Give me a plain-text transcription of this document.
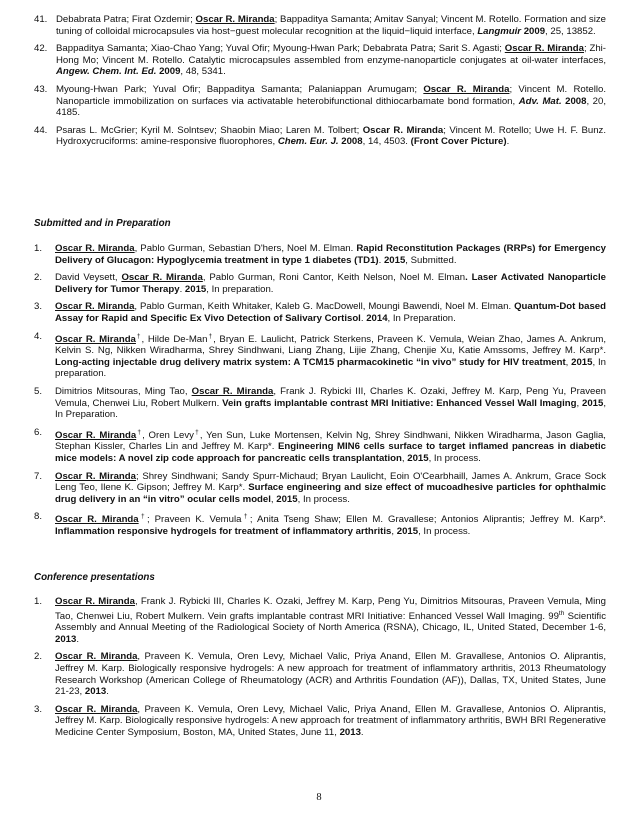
41. Debabrata Patra; Firat Ozdemir; Oscar R. Miranda; Bappaditya Samanta; Amitav Sanyal; Vincent M. Rotello. Formation and size tuning of colloidal microcapsules via host−guest molecular recognition at the liquid−liquid interface, Langmuir 2009, 25, 13852.
42. Bappaditya Samanta; Xiao-Chao Yang; Yuval Ofir; Myoung-Hwan Park; Debabrata Patra; Sarit S. Agasti; Oscar R. Miranda; Zhi-Hong Mo; Vincent M. Rotello. Catalytic microcapsules assembled from enzyme-nanoparticle conjugates at oil-water interfaces, Angew. Chem. Int. Ed. 2009, 48, 5341.
43. Myoung-Hwan Park; Yuval Ofir; Bappaditya Samanta; Palaniappan Arumugam; Oscar R. Miranda; Vincent M. Rotello. Nanoparticle immobilization on surfaces via activatable heterobifunctional dithiocarbamate bond formation, Adv. Mat. 2008, 20, 4185.
44. Psaras L. McGrier; Kyril M. Solntsev; Shaobin Miao; Laren M. Tolbert; Oscar R. Miranda; Vincent M. Rotello; Uwe H. F. Bunz. Hydroxycruciforms: amine-responsive fluorophores, Chem. Eur. J. 2008, 14, 4503. (Front Cover Picture).
Submitted and in Preparation
1.	Oscar R. Miranda, Pablo Gurman, Sebastian D'hers, Noel M. Elman. Rapid Reconstitution Packages (RRPs) for Emergency Delivery of Glucagon: Hypoglycemia treatment in type 1 diabetes (TD1). 2015, Submitted.
2.	David Veysett, Oscar R. Miranda, Pablo Gurman, Roni Cantor, Keith Nelson, Noel M. Elman. Laser Activated Nanoparticle Delivery for Tumor Therapy. 2015, In preparation.
3.	Oscar R. Miranda, Pablo Gurman, Keith Whitaker, Kaleb G. MacDowell, Moungi Bawendi, Noel M. Elman. Quantum-Dot based Assay for Rapid and Specific Ex Vivo Detection of Salivary Cortisol. 2014, In Preparation.
4.	Oscar R. Miranda†, Hilde De-Man†, Bryan E. Laulicht, Patrick Sterkens, Praveen K. Vemula, Weian Zhao, James A. Ankrum, Kelvin S. Ng, Nikken Wiradharma, Shrey Sindhwani, Liang Zhang, Lijie Zhang, Chenjie Xu, Katie Amssoms, Jeffrey M. Karp*. Long-acting injectable drug delivery matrix system: A TCM15 pharmacokinetic “in vivo” study for HIV treatment, 2015, In preparation.
5.	Dimitrios Mitsouras, Ming Tao, Oscar R. Miranda, Frank J. Rybicki III, Charles K. Ozaki, Jeffrey M. Karp, Peng Yu, Praveen Vemula, Chenwei Liu, Robert Mulkern. Vein grafts implantable contrast MRI Initiative: Enhanced Vessel Wall Imaging, 2015, In Preparation.
6.	Oscar R. Miranda†, Oren Levy†, Yen Sun, Luke Mortensen, Kelvin Ng, Shrey Sindhwani, Nikken Wiradharma, Jason Gaglia, Stephan Kissler, Charles Lin and Jeffrey M. Karp*. Engineering MIN6 cells surface to target inflamed pancreas in diabetic mice models: A novel zip code approach for pancreatic cells transplantation, 2015, In process.
7.	Oscar R. Miranda; Shrey Sindhwani; Sandy Spurr-Michaud; Bryan Laulicht, Eoin O'Cearbhaill, James A. Ankrum, Grace Sock Leng Teo, Ilene K. Gipson; Jeffrey M. Karp*. Surface engineering and size effect of mucoadhesive particles for ophthalmic drug delivery in an “in vitro” ocular cells model, 2015, In process.
8.	Oscar R. Miranda†; Praveen K. Vemula†; Anita Tseng Shaw; Ellen M. Gravallese; Antonios Aliprantis; Jeffrey M. Karp*. Inflammation responsive hydrogels for treatment of inflammatory arthritis, 2015, In process.
Conference presentations
1.	Oscar R. Miranda, Frank J. Rybicki III, Charles K. Ozaki, Jeffrey M. Karp, Peng Yu, Dimitrios Mitsouras, Praveen Vemula, Ming Tao, Chenwei Liu, Robert Mulkern. Vein grafts implantable contrast MRI Initiative: Enhanced Vessel Wall Imaging. 99th Scientific Assembly and Annual Meeting of the Radiological Society of North America (RSNA), Chicago, IL, United Stated, December 1-6, 2013.
2.	Oscar R. Miranda, Praveen K. Vemula, Oren Levy, Michael Valic, Priya Anand, Ellen M. Gravallese, Antonios O. Aliprantis, Jeffrey M. Karp. Biologically responsive hydrogels: A new approach for treatment of inflammatory arthritis, 2013 Rheumatology Research Workshop (American College of Rheumatology (ACR) and Arthritis Foundation (AF)), Dallas, TX, United States, June 21-23, 2013.
3.	Oscar R. Miranda, Praveen K. Vemula, Oren Levy, Michael Valic, Priya Anand, Ellen M. Gravallese, Antonios O. Aliprantis, Jeffrey M. Karp. Biologically responsive hydrogels: A new approach for treatment of inflammatory arthritis, BWH BRI Regenerative Medicine Center Symposium, Boston, MA, United States, June 11, 2013.
8
